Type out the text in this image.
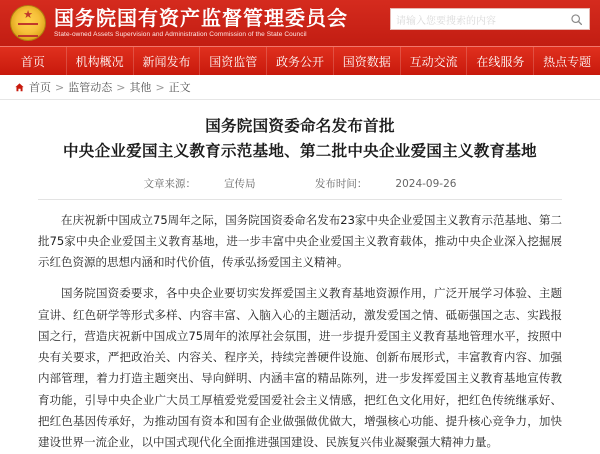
★
国务院国有资产监督管理委员会
State-owned Assets Supervision and Administration Commission of the State Council
请输入您要搜索的内容
首页	机构概况	新闻发布	国资监管	政务公开	国资数据	互动交流	在线服务	热点专题
首页 > 监管动态 > 其他 > 正文
国务院国资委命名发布首批
中央企业爱国主义教育示范基地、第二批中央企业爱国主义教育基地
文章来源：	宣传局	发布时间：	2024-09-26

在庆祝新中国成立75周年之际，国务院国资委命名发布23家中央企业爱国主义教育示范基地、第二批75家中央企业爱国主义教育基地，进一步丰富中央企业爱国主义教育载体，推动中央企业深入挖掘展示红色资源的思想内涵和时代价值，传承弘扬爱国主义精神。

国务院国资委要求，各中央企业要切实发挥爱国主义教育基地资源作用，广泛开展学习体验、主题宣讲、红色研学等形式多样、内容丰富、入脑入心的主题活动，激发爱国之情、砥砺强国之志、实践报国之行，营造庆祝新中国成立75周年的浓厚社会氛围，进一步提升爱国主义教育基地管理水平，按照中央有关要求，严把政治关、内容关、程序关，持续完善硬件设施、创新布展形式，丰富教育内容、加强内部管理，着力打造主题突出、导向鲜明、内涵丰富的精品陈列，进一步发挥爱国主义教育基地宣传教育功能，引导中央企业广大员工厚植爱党爱国爱社会主义情感，把红色文化用好，把红色传统继承好、把红色基因传承好，为推动国有资本和国有企业做强做优做大，增强核心功能、提升核心竞争力，加快建设世界一流企业，以中国式现代化全面推进强国建设、民族复兴伟业凝聚强大精神力量。
